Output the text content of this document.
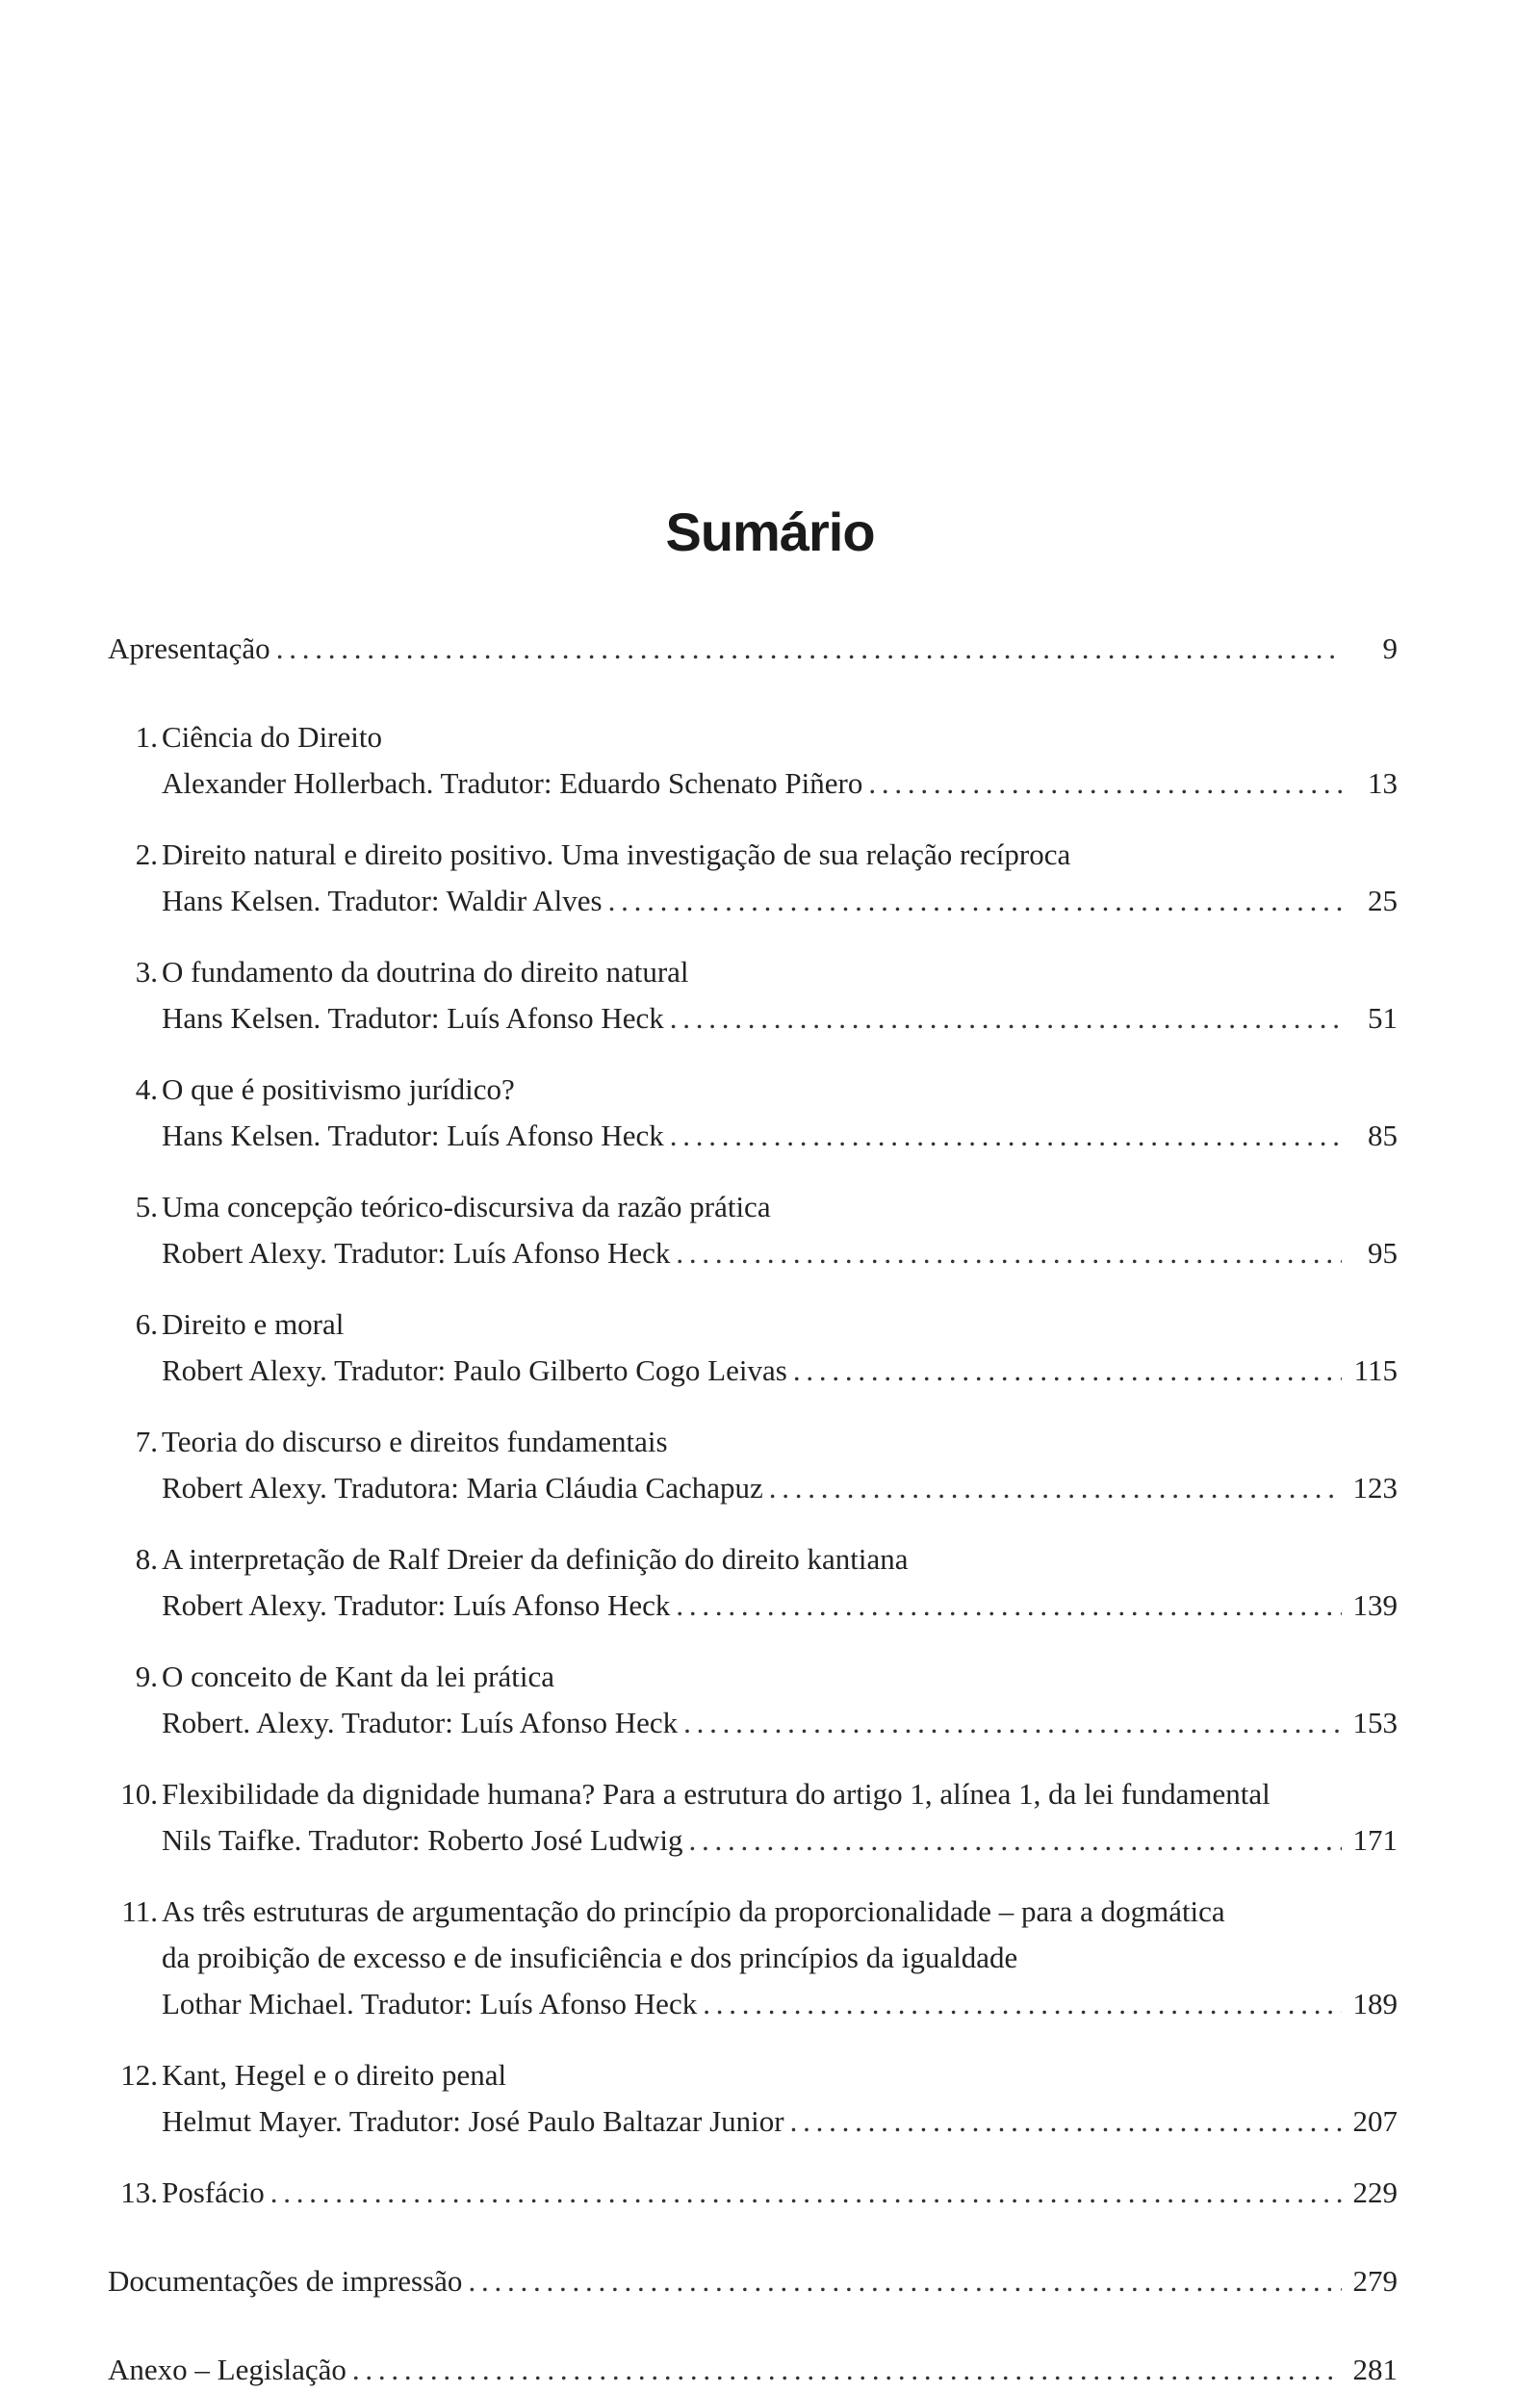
Sumário
Apresentação . . .	9
1. Ciência do Direito
Alexander Hollerbach. Tradutor: Eduardo Schenato Piñero . . .	13
2. Direito natural e direito positivo. Uma investigação de sua relação recíproca
Hans Kelsen. Tradutor: Waldir Alves . . .	25
3. O fundamento da doutrina do direito natural
Hans Kelsen. Tradutor: Luís Afonso Heck . . .	51
4. O que é positivismo jurídico?
Hans Kelsen. Tradutor: Luís Afonso Heck . . .	85
5. Uma concepção teórico-discursiva da razão prática
Robert Alexy. Tradutor: Luís Afonso Heck . . .	95
6. Direito e moral
Robert Alexy. Tradutor: Paulo Gilberto Cogo Leivas . . .	115
7. Teoria do discurso e direitos fundamentais
Robert Alexy. Tradutora: Maria Cláudia Cachapuz . . .	123
8. A interpretação de Ralf Dreier da definição do direito kantiana
Robert Alexy. Tradutor: Luís Afonso Heck . . .	139
9. O conceito de Kant da lei prática
Robert. Alexy. Tradutor: Luís Afonso Heck . . .	153
10. Flexibilidade da dignidade humana? Para a estrutura do artigo 1, alínea 1, da lei fundamental
Nils Taifke. Tradutor: Roberto José Ludwig . . .	171
11. As três estruturas de argumentação do princípio da proporcionalidade – para a dogmática
da proibição de excesso e de insuficiência e dos princípios da igualdade
Lothar Michael. Tradutor: Luís Afonso Heck . . .	189
12. Kant, Hegel e o direito penal
Helmut Mayer. Tradutor: José Paulo Baltazar Junior . . .	207
13. Posfácio . . .	229
Documentações de impressão . . .	279
Anexo – Legislação . . .	281
